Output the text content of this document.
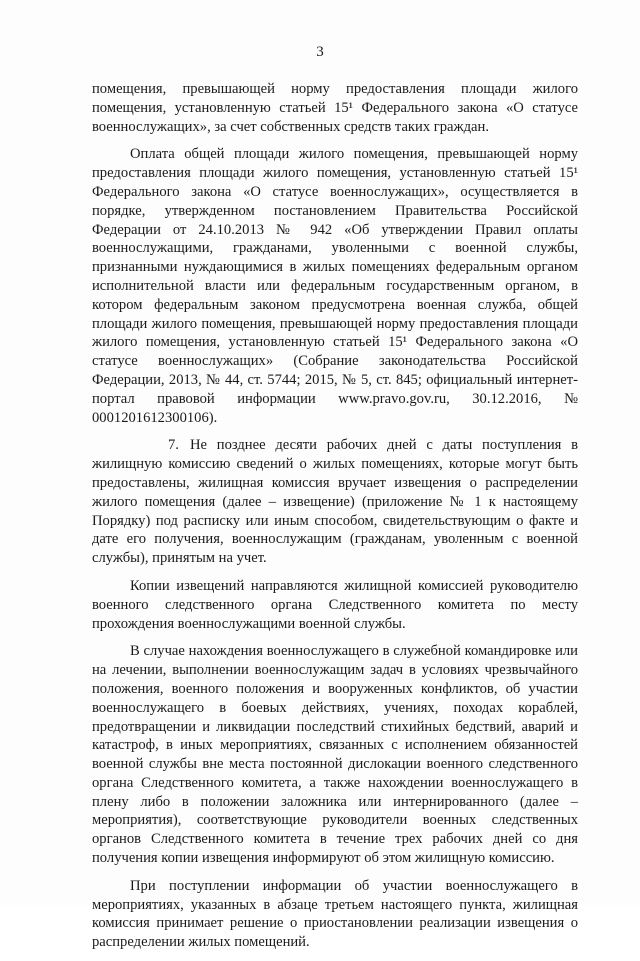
3

помещения, превышающей норму предоставления площади жилого помещения, установленную статьей 15¹ Федерального закона «О статусе военнослужащих», за счет собственных средств таких граждан.

Оплата общей площади жилого помещения, превышающей норму предоставления площади жилого помещения, установленную статьей 15¹ Федерального закона «О статусе военнослужащих», осуществляется в порядке, утвержденном постановлением Правительства Российской Федерации от 24.10.2013 № 942 «Об утверждении Правил оплаты военнослужащими, гражданами, уволенными с военной службы, признанными нуждающимися в жилых помещениях федеральным органом исполнительной власти или федеральным государственным органом, в котором федеральным законом предусмотрена военная служба, общей площади жилого помещения, превышающей норму предоставления площади жилого помещения, установленную статьей 15¹ Федерального закона «О статусе военнослужащих» (Собрание законодательства Российской Федерации, 2013, № 44, ст. 5744; 2015, № 5, ст. 845; официальный интернет-портал правовой информации www.pravo.gov.ru, 30.12.2016, № 0001201612300106).

7. Не позднее десяти рабочих дней с даты поступления в жилищную комиссию сведений о жилых помещениях, которые могут быть предоставлены, жилищная комиссия вручает извещения о распределении жилого помещения (далее – извещение) (приложение № 1 к настоящему Порядку) под расписку или иным способом, свидетельствующим о факте и дате его получения, военнослужащим (гражданам, уволенным с военной службы), принятым на учет.

Копии извещений направляются жилищной комиссией руководителю военного следственного органа Следственного комитета по месту прохождения военнослужащими военной службы.

В случае нахождения военнослужащего в служебной командировке или на лечении, выполнении военнослужащим задач в условиях чрезвычайного положения, военного положения и вооруженных конфликтов, об участии военнослужащего в боевых действиях, учениях, походах кораблей, предотвращении и ликвидации последствий стихийных бедствий, аварий и катастроф, в иных мероприятиях, связанных с исполнением обязанностей военной службы вне места постоянной дислокации военного следственного органа Следственного комитета, а также нахождении военнослужащего в плену либо в положении заложника или интернированного (далее – мероприятия), соответствующие руководители военных следственных органов Следственного комитета в течение трех рабочих дней со дня получения копии извещения информируют об этом жилищную комиссию.

При поступлении информации об участии военнослужащего в мероприятиях, указанных в абзаце третьем настоящего пункта, жилищная комиссия принимает решение о приостановлении реализации извещения о распределении жилых помещений.
